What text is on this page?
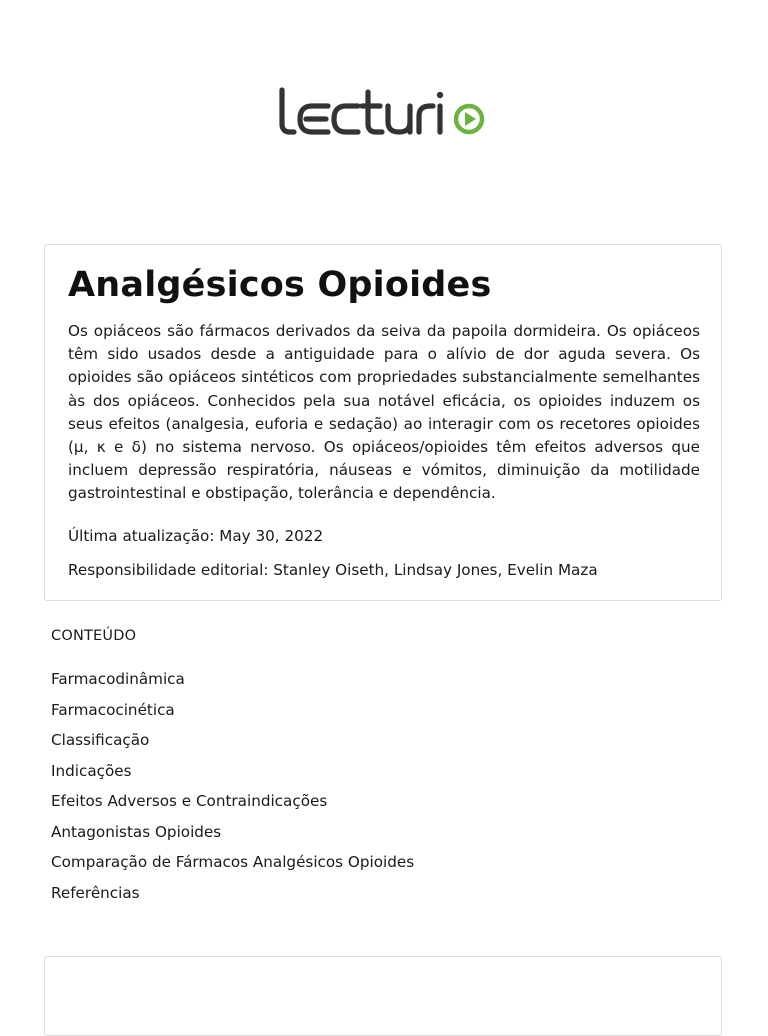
Analgésicos Opioides

Os opiáceos são fármacos derivados da seiva da papoila dormideira. Os opiáceos têm sido usados desde a antiguidade para o alívio de dor aguda severa. Os opioides são opiáceos sintéticos com propriedades substancialmente semelhantes às dos opiáceos. Conhecidos pela sua notável eficácia, os opioides induzem os seus efeitos (analgesia, euforia e sedação) ao interagir com os recetores opioides (μ, κ e δ) no sistema nervoso. Os opiáceos/opioides têm efeitos adversos que incluem depressão respiratória, náuseas e vómitos, diminuição da motilidade gastrointestinal e obstipação, tolerância e dependência.

Última atualização: May 30, 2022

Responsibilidade editorial: Stanley Oiseth, Lindsay Jones, Evelin Maza

CONTEÚDO
Farmacodinâmica
Farmacocinética
Classificação
Indicações
Efeitos Adversos e Contraindicações
Antagonistas Opioides
Comparação de Fármacos Analgésicos Opioides
Referências
